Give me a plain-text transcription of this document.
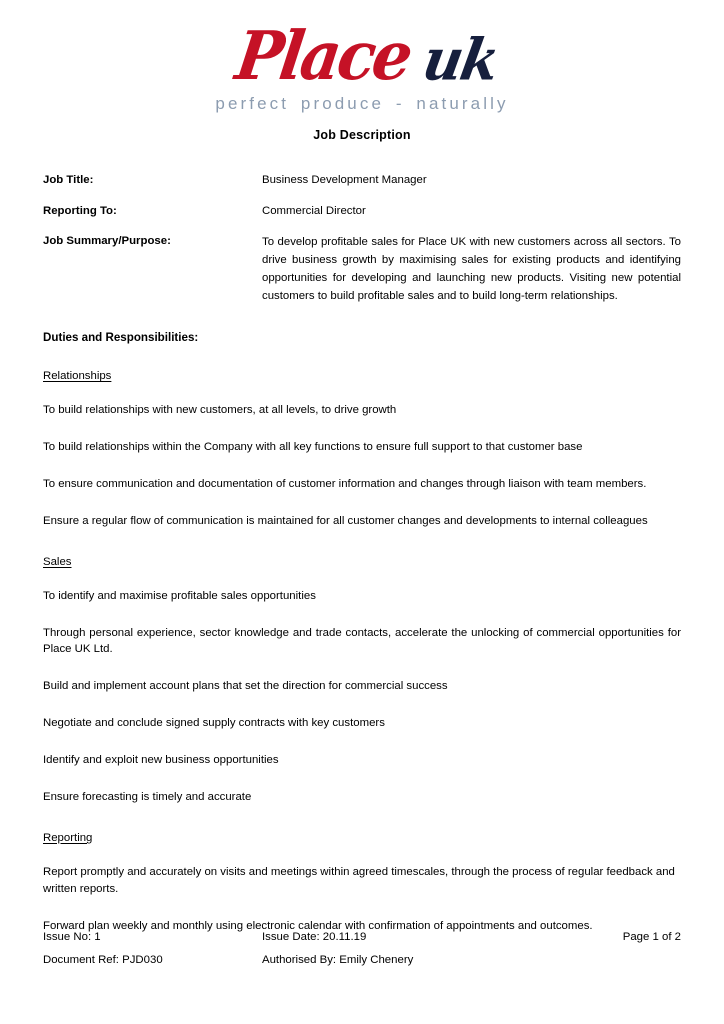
Placeuk
perfect produce - naturally
Job Description
Job Title:	Business Development Manager
Reporting To:	Commercial Director
Job Summary/Purpose:	To develop profitable sales for Place UK with new customers across all sectors. To drive business growth by maximising sales for existing products and identifying opportunities for developing and launching new products. Visiting new potential customers to build profitable sales and to build long-term relationships.
Duties and Responsibilities:
Relationships

To build relationships with new customers, at all levels, to drive growth

To build relationships within the Company with all key functions to ensure full support to that customer base

To ensure communication and documentation of customer information and changes through liaison with team members.

Ensure a regular flow of communication is maintained for all customer changes and developments to internal colleagues

Sales

To identify and maximise profitable sales opportunities

Through personal experience, sector knowledge and trade contacts, accelerate the unlocking of commercial opportunities for Place UK Ltd.

Build and implement account plans that set the direction for commercial success

Negotiate and conclude signed supply contracts with key customers

Identify and exploit new business opportunities

Ensure forecasting is timely and accurate

Reporting

Report promptly and accurately on visits and meetings within agreed timescales, through the process of regular feedback and written reports.

Forward plan weekly and monthly using electronic calendar with confirmation of appointments and outcomes.

Issue No: 1	Issue Date: 20.11.19	Page 1 of 2
Document Ref: PJD030	Authorised By: Emily Chenery
